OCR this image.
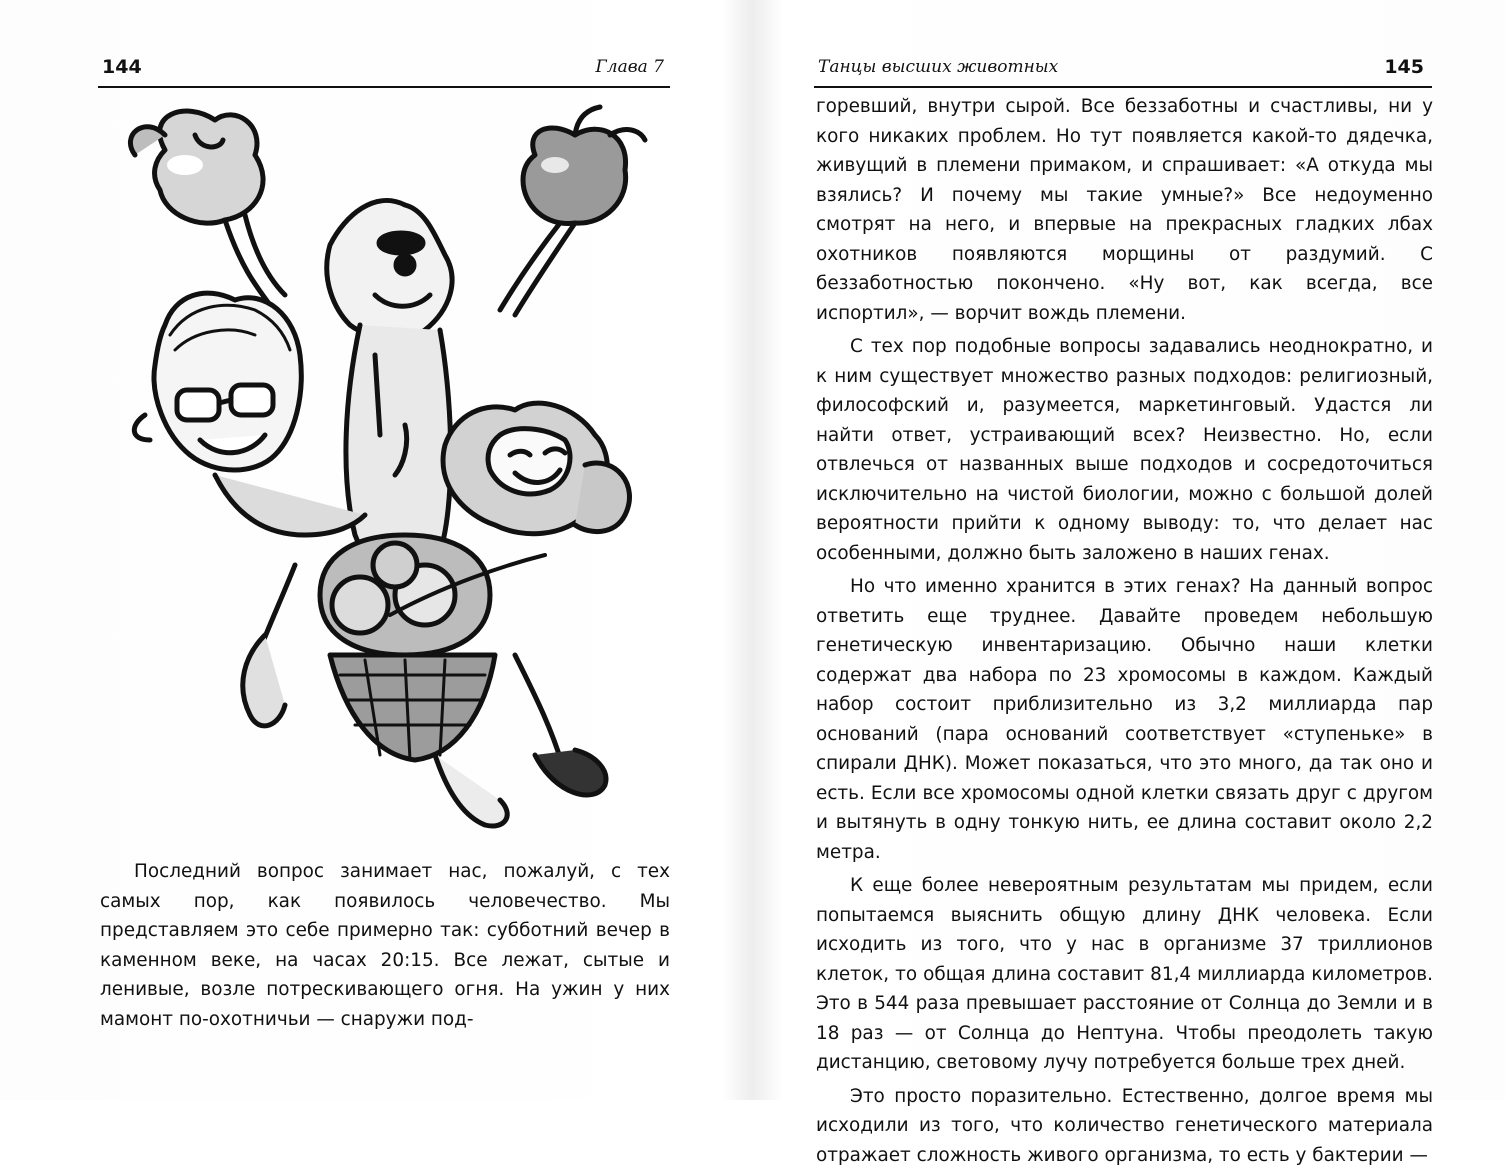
144	Глава 7

Последний вопрос занимает нас, пожалуй, с тех самых пор, как появилось человечество. Мы представляем это себе примерно так: субботний вечер в каменном веке, на часах 20:15. Все лежат, сытые и ленивые, возле потрескивающего огня. На ужин у них мамонт по-охотничьи — снаружи под-

Танцы высших животных	145

горевший, внутри сырой. Все беззаботны и счастливы, ни у кого никаких проблем. Но тут появляется какой-то дядечка, живущий в племени примаком, и спрашивает: «А откуда мы взялись? И почему мы такие умные?» Все недоуменно смотрят на него, и впервые на прекрасных гладких лбах охотников появляются морщины от раздумий. С беззаботностью покончено. «Ну вот, как всегда, все испортил», — ворчит вождь племени.

С тех пор подобные вопросы задавались неоднократно, и к ним существует множество разных подходов: религиозный, философский и, разумеется, маркетинговый. Удастся ли найти ответ, устраивающий всех? Неизвестно. Но, если отвлечься от названных выше подходов и сосредоточиться исключительно на чистой биологии, можно с большой долей вероятности прийти к одному выводу: то, что делает нас особенными, должно быть заложено в наших генах.

Но что именно хранится в этих генах? На данный вопрос ответить еще труднее. Давайте проведем небольшую генетическую инвентаризацию. Обычно наши клетки содержат два набора по 23 хромосомы в каждом. Каждый набор состоит приблизительно из 3,2 миллиарда пар оснований (пара оснований соответствует «ступеньке» в спирали ДНК). Может показаться, что это много, да так оно и есть. Если все хромосомы одной клетки связать друг с другом и вытянуть в одну тонкую нить, ее длина составит около 2,2 метра.

К еще более невероятным результатам мы придем, если попытаемся выяснить общую длину ДНК человека. Если исходить из того, что у нас в организме 37 триллионов клеток, то общая длина составит 81,4 миллиарда километров. Это в 544 раза превышает расстояние от Солнца до Земли и в 18 раз — от Солнца до Нептуна. Чтобы преодолеть такую дистанцию, световому лучу потребуется больше трех дней.

Это просто поразительно. Естественно, долгое время мы исходили из того, что количество генетического материала отражает сложность живого организма, то есть у бактерии —
